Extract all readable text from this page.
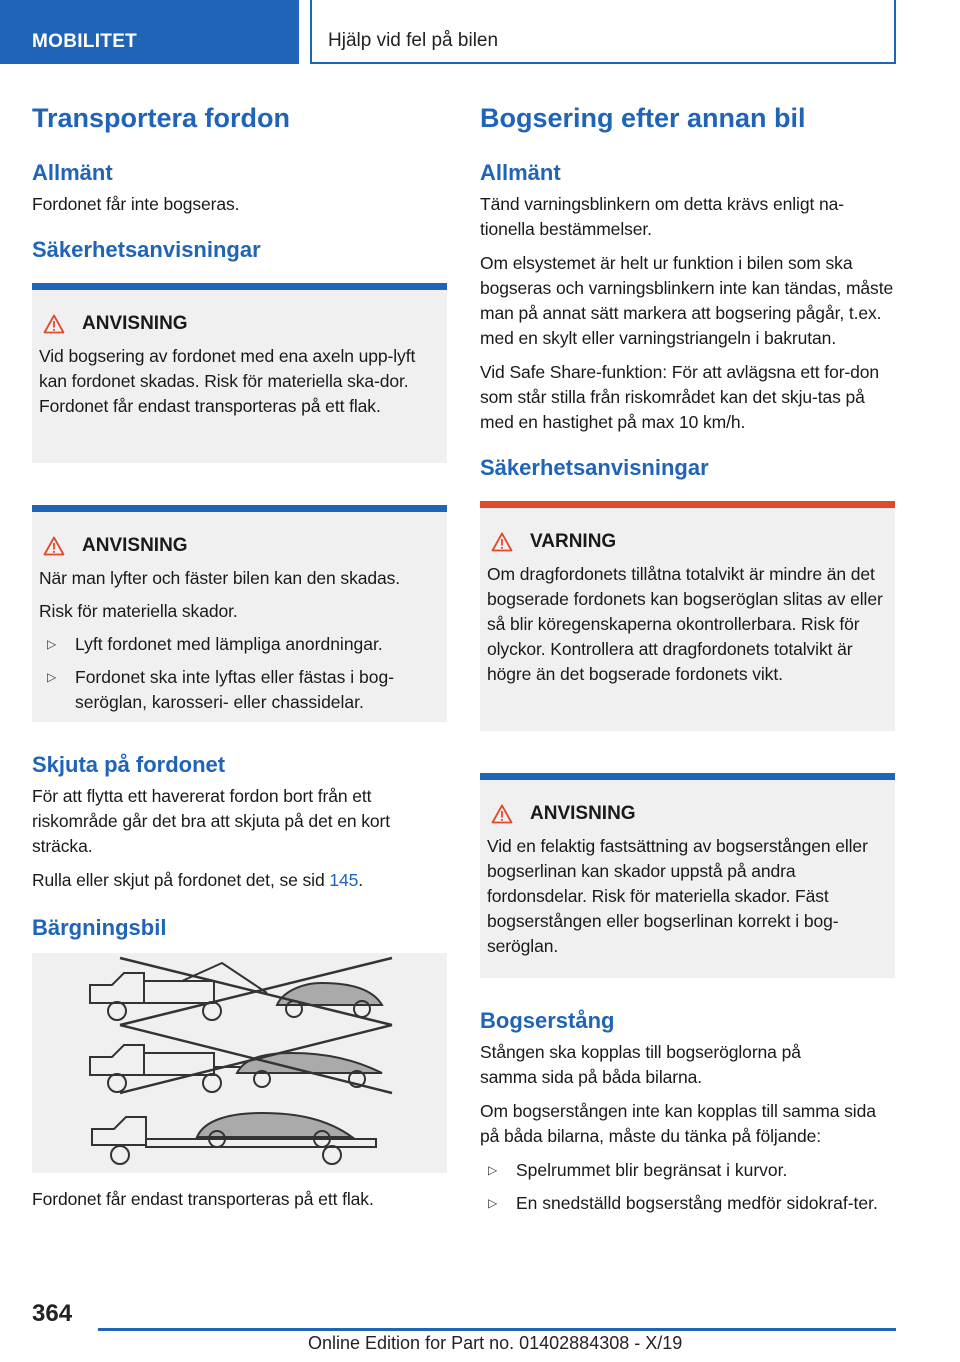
MOBILITET	Hjälp vid fel på bilen
Transportera fordon
Allmänt

Fordonet får inte bogseras.

Säkerhetsanvisningar
ANVISNING

Vid bogsering av fordonet med ena axeln upp-lyft kan fordonet skadas. Risk för materiella ska-dor. Fordonet får endast transporteras på ett flak.

ANVISNING

När man lyfter och fäster bilen kan den skadas.

Risk för materiella skador.

▷ Lyft fordonet med lämpliga anordningar.
▷ Fordonet ska inte lyftas eller fästas i bog-seröglan, karosseri- eller chassidelar.
Skjuta på fordonet

För att flytta ett havererat fordon bort från ett riskområde går det bra att skjuta på det en kort sträcka.

Rulla eller skjut på fordonet det, se sid 145.

Bärgningsbil

Fordonet får endast transporteras på ett flak.

Bogsering efter annan bil
Allmänt

Tänd varningsblinkern om detta krävs enligt na-tionella bestämmelser.

Om elsystemet är helt ur funktion i bilen som ska bogseras och varningsblinkern inte kan tändas, måste man på annat sätt markera att bogsering pågår, t.ex. med en skylt eller varningstriangeln i bakrutan.

Vid Safe Share-funktion: För att avlägsna ett for-don som står stilla från riskområdet kan det skju-tas på med en hastighet på max 10 km/h.

Säkerhetsanvisningar
VARNING

Om dragfordonets tillåtna totalvikt är mindre än det bogserade fordonets kan bogseröglan slitas av eller så blir köregenskaperna okontrollerbara. Risk för olyckor. Kontrollera att dragfordonets totalvikt är högre än det bogserade fordonets vikt.

ANVISNING

Vid en felaktig fastsättning av bogserstången eller bogserlinan kan skador uppstå på andra fordonsdelar. Risk för materiella skador. Fäst bogserstången eller bogserlinan korrekt i bog-seröglan.

Bogserstång

Stången ska kopplas till bogseröglorna på samma sida på båda bilarna.

Om bogserstången inte kan kopplas till samma sida på båda bilarna, måste du tänka på följande:

▷ Spelrummet blir begränsat i kurvor.
▷ En snedställd bogserstång medför sidokraf-ter.
364
Online Edition for Part no. 01402884308 - X/19
